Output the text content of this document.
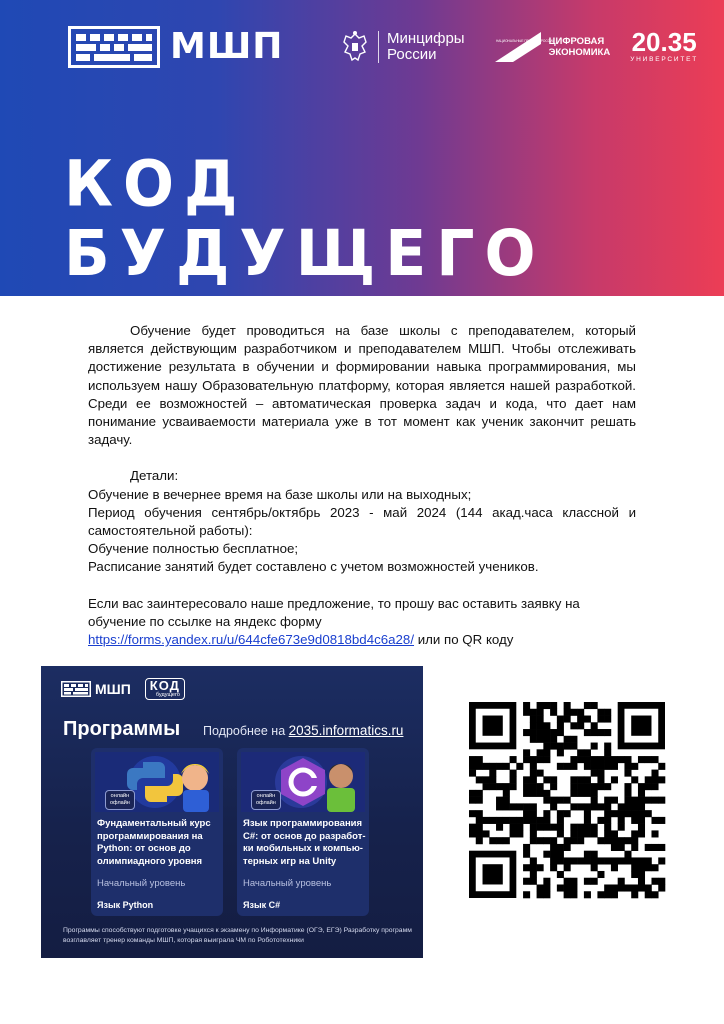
МШП	Минцифры
России
НАЦИОНАЛЬНЫЕ ПРОЕКТЫ РОССИИ
ЦИФРОВАЯ
ЭКОНОМИКА 20.35
УНИВЕРСИТЕТ
КОД
БУДУЩЕГО

Обучение будет проводиться на базе школы с преподавателем, который является действующим разработчиком и преподавателем МШП. Чтобы отслеживать достижение результата в обучении и формировании навыка программирования, мы используем нашу Образовательную платформу, которая является нашей разработкой. Среди ее возможностей – автоматическая проверка задач и кода, что дает нам понимание усваиваемости материала уже в тот момент как ученик закончит решать задачу.

Детали:

Обучение в вечернее время на базе школы или на выходных;

Период обучения сентябрь/октябрь 2023 - май 2024 (144 акад.часа классной и самостоятельной работы):

Обучение полностью бесплатное;

Расписание занятий будет составлено с учетом возможностей учеников.

Если вас заинтересовало наше предложение, то прошу вас оставить заявку на обучение по ссылке на яндекс форму https://forms.yandex.ru/u/644cfe673e9d0818bd4c6a28/ или по QR коду

МШП КОД
будущего
Программы Подробнее на 2035.informatics.ru
онлайн
офлайн
Фундаментальный курс программирования на Python: от основ до олимпиадного уровня
Начальный уровень
Язык Python
онлайн
офлайн
Язык программирования C#: от основ до разработ-ки мобильных и компью-терных игр на Unity
Начальный уровень
Язык C#
Программы способствуют подготовке учащихся к экзамену по Информатике (ОГЭ, ЕГЭ) Разработку программ возглавляет тренер команды МШП, которая выиграла ЧМ по Робототехники
